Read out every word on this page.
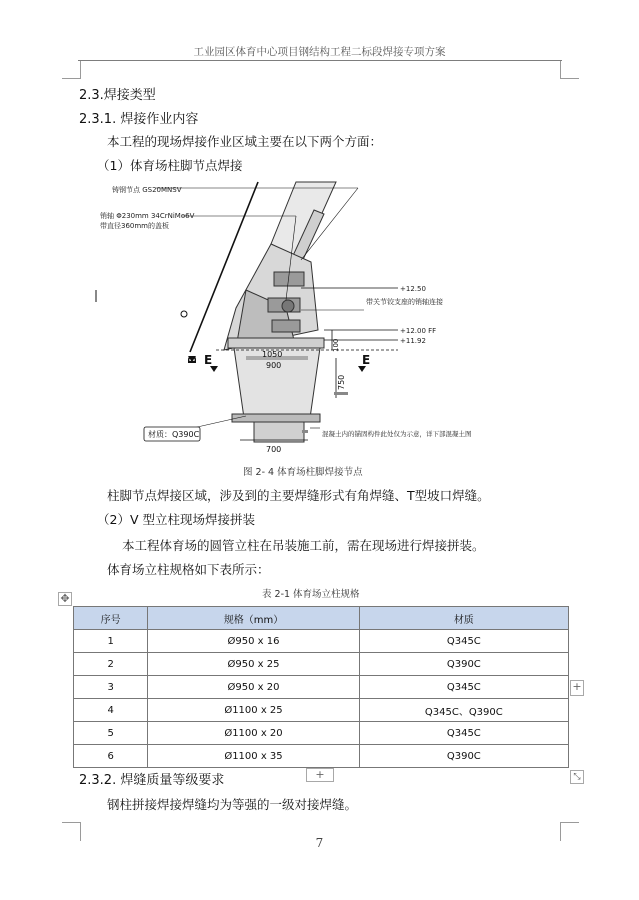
工业园区体育中心项目钢结构工程二标段焊接专项方案
2.3.焊接类型
2.3.1. 焊接作业内容
本工程的现场焊接作业区域主要在以下两个方面：
（1）体育场柱脚节点焊接
铸钢节点 GS20MNSV
销轴 Φ230mm 34CrNiMo6V
带直径360mm的盖板
+12.50
+12.00 FF
+11.92
带关节铰支座的销轴连接
混凝土内的锚固构件此处仅为示意，详下部混凝土图
材质：Q390C
1050
900
100
750
700
B E	E
图 2- 4 体育场柱脚焊接节点
柱脚节点焊接区域，涉及到的主要焊缝形式有角焊缝、T型坡口焊缝。
（2）V 型立柱现场焊接拼装
本工程体育场的圆管立柱在吊装施工前，需在现场进行焊接拼装。
体育场立柱规格如下表所示：
表 2-1 体育场立柱规格
✥
序号	规格（mm）	材质
1	Ø950 x 16	Q345C
2	Ø950 x 25	Q390C
3	Ø950 x 20	Q345C
4	Ø1100 x 25	Q345C、Q390C
5	Ø1100 x 20	Q345C
6	Ø1100 x 35	Q390C
+
+	⤡
2.3.2. 焊缝质量等级要求
钢柱拼接焊接焊缝均为等强的一级对接焊缝。
7
